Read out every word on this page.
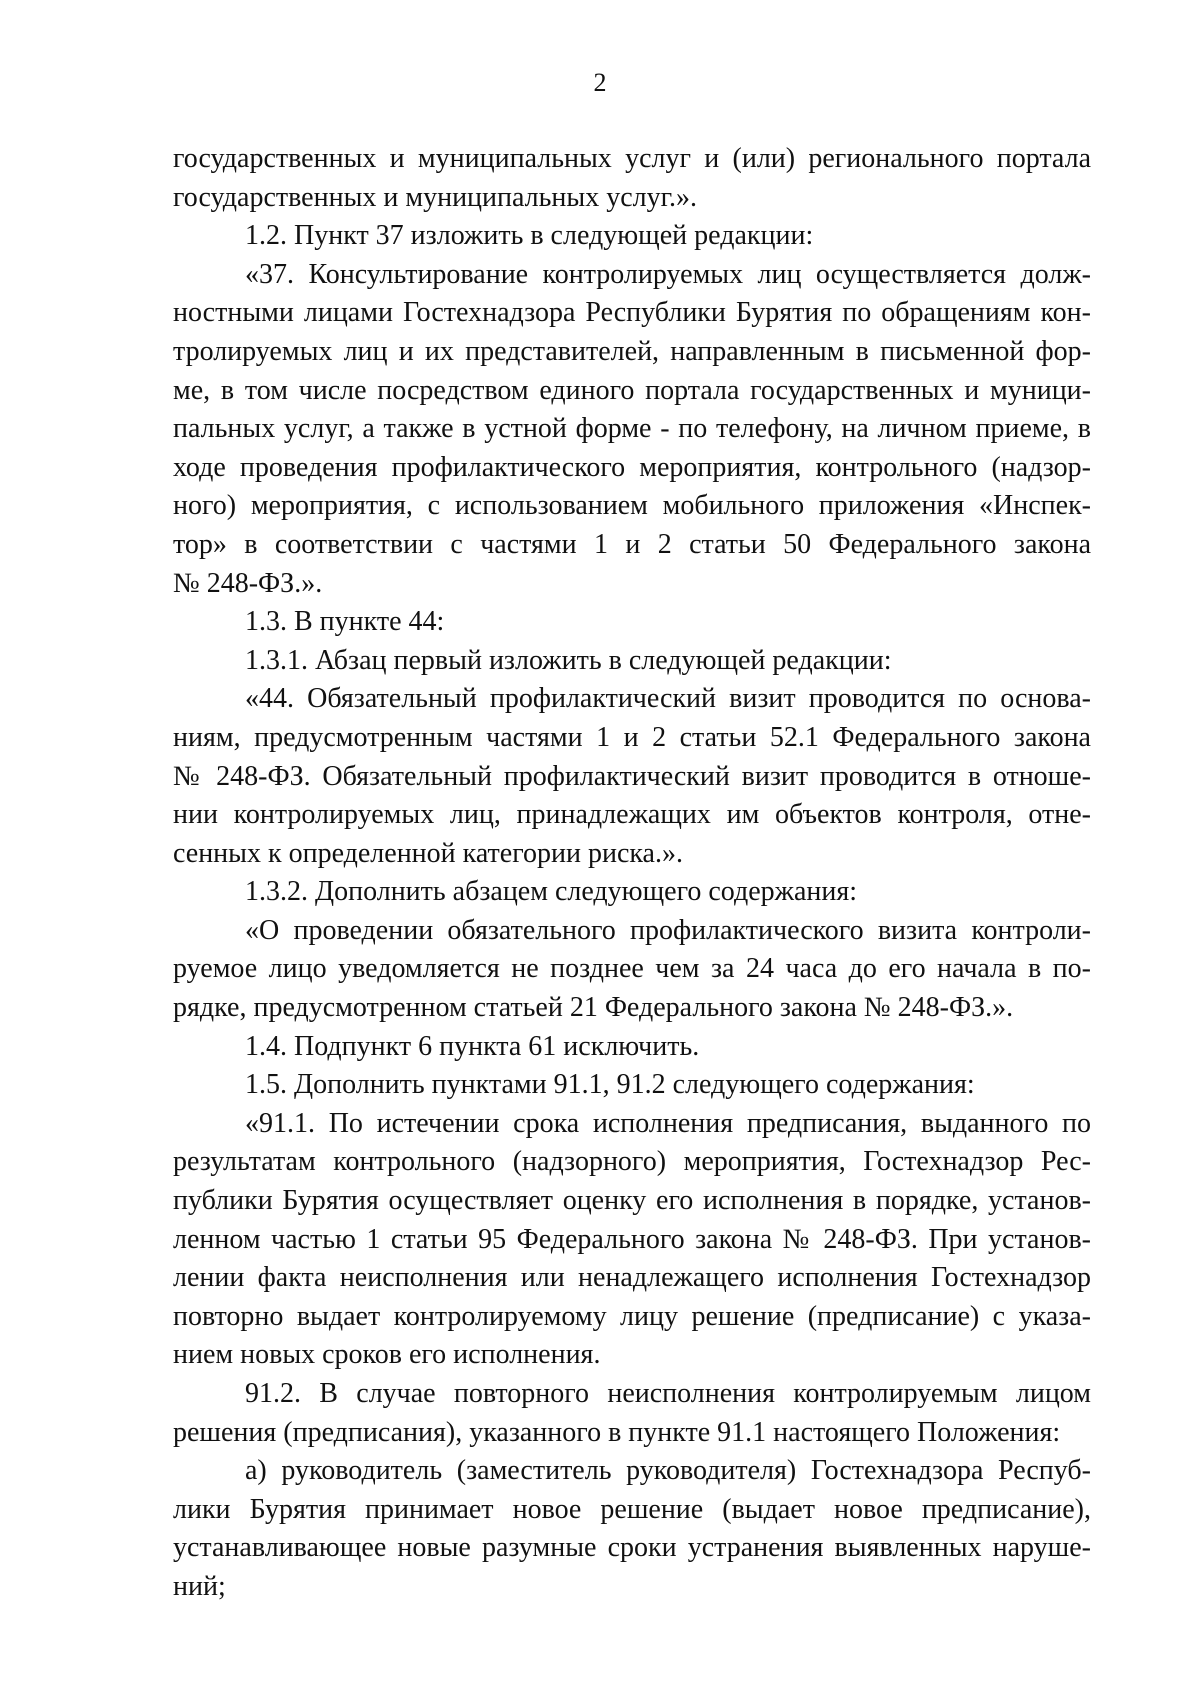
2

государственных и муниципальных услуг и (или) регионального портала

государственных и муниципальных услуг.».

1.2. Пункт 37 изложить в следующей редакции:

«37. Консультирование контролируемых лиц осуществляется долж-

ностными лицами Гостехнадзора Республики Бурятия по обращениям кон-

тролируемых лиц и их представителей, направленным в письменной фор-

ме, в том числе посредством единого портала государственных и муници-

пальных услуг, а также в устной форме - по телефону, на личном приеме, в

ходе проведения профилактического мероприятия, контрольного (надзор-

ного) мероприятия, с использованием мобильного приложения «Инспек-

тор» в соответствии с частями 1 и 2 статьи 50 Федерального закона

№ 248-ФЗ.».

1.3. В пункте 44:

1.3.1. Абзац первый изложить в следующей редакции:

«44. Обязательный профилактический визит проводится по основа-

ниям, предусмотренным частями 1 и 2 статьи 52.1 Федерального закона

№ 248-ФЗ. Обязательный профилактический визит проводится в отноше-

нии контролируемых лиц, принадлежащих им объектов контроля, отне-

сенных к определенной категории риска.».

1.3.2. Дополнить абзацем следующего содержания:

«О проведении обязательного профилактического визита контроли-

руемое лицо уведомляется не позднее чем за 24 часа до его начала в по-

рядке, предусмотренном статьей 21 Федерального закона № 248-ФЗ.».

1.4. Подпункт 6 пункта 61 исключить.

1.5. Дополнить пунктами 91.1, 91.2 следующего содержания:

«91.1. По истечении срока исполнения предписания, выданного по

результатам контрольного (надзорного) мероприятия, Гостехнадзор Рес-

публики Бурятия осуществляет оценку его исполнения в порядке, установ-

ленном частью 1 статьи 95 Федерального закона № 248-ФЗ. При установ-

лении факта неисполнения или ненадлежащего исполнения Гостехнадзор

повторно выдает контролируемому лицу решение (предписание) с указа-

нием новых сроков его исполнения.

91.2. В случае повторного неисполнения контролируемым лицом

решения (предписания), указанного в пункте 91.1 настоящего Положения:

а) руководитель (заместитель руководителя) Гостехнадзора Респуб-

лики Бурятия принимает новое решение (выдает новое предписание),

устанавливающее новые разумные сроки устранения выявленных наруше-

ний;
